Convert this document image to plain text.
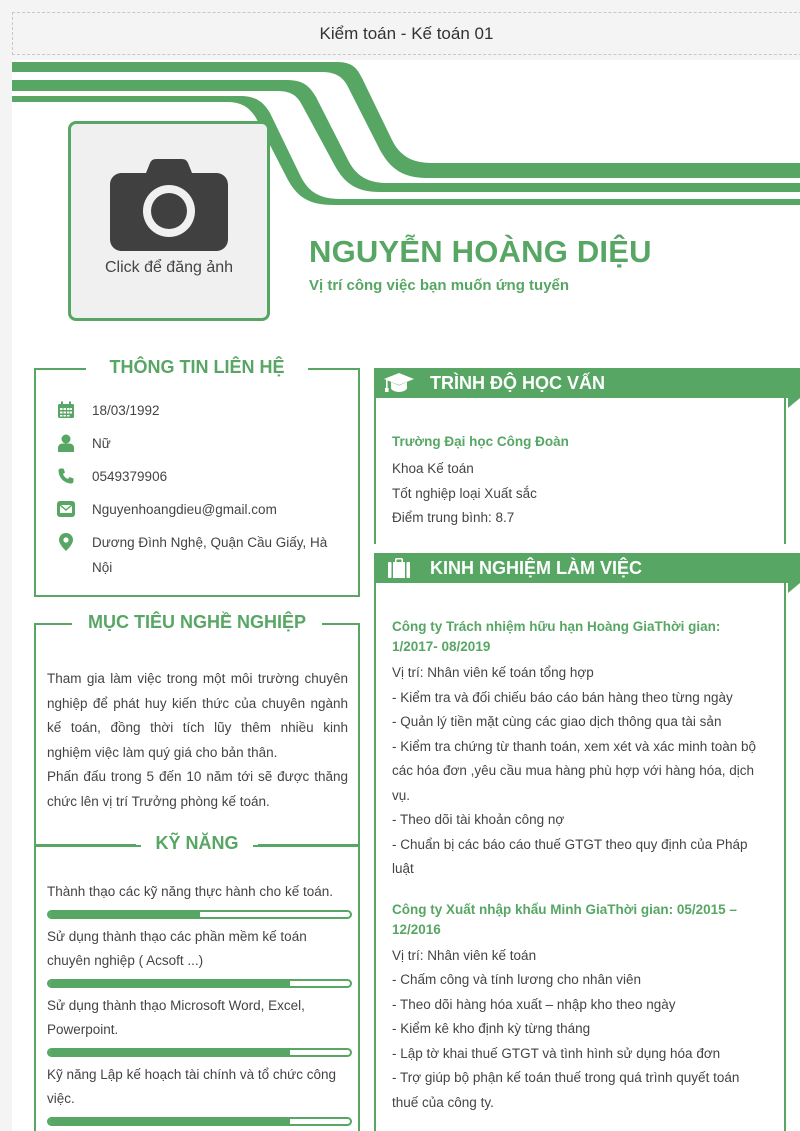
Kiểm toán - Kế toán 01
Click để đăng ảnh NGUYỄN HOÀNG DIỆU
Vị trí công việc bạn muốn ứng tuyển
THÔNG TIN LIÊN HỆ
18/03/1992
Nữ
0549379906
Nguyenhoangdieu@gmail.com
Dương Đình Nghệ, Quận Cầu Giấy, Hà Nội
MỤC TIÊU NGHỀ NGHIỆP

Tham gia làm việc trong một môi trường chuyên nghiệp để phát huy kiến thức của chuyên ngành kế toán, đồng thời tích lũy thêm nhiều kinh nghiệm việc làm quý giá cho bản thân.

Phấn đấu trong 5 đến 10 năm tới sẽ được thăng chức lên vị trí Trưởng phòng kế toán.

KỸ NĂNG
Thành thạo các kỹ năng thực hành cho kế toán.
Sử dụng thành thạo các phần mềm kế toán chuyên nghiệp ( Acsoft ...)
Sử dụng thành thạo Microsoft Word, Excel, Powerpoint.
Kỹ năng Lập kế hoạch tài chính và tổ chức công việc.
TRÌNH ĐỘ HỌC VẤN
Trường Đại học Công Đoàn
Khoa Kế toán
Tốt nghiệp loại Xuất sắc
Điểm trung bình: 8.7
KINH NGHIỆM LÀM VIỆC
Công ty Trách nhiệm hữu hạn Hoàng GiaThời gian: 1/2017- 08/2019
Vị trí: Nhân viên kế toán tổng hợp
- Kiểm tra và đối chiếu báo cáo bán hàng theo từng ngày
- Quản lý tiền mặt cùng các giao dịch thông qua tài sản
- Kiểm tra chứng từ thanh toán, xem xét và xác minh toàn bộ các hóa đơn ,yêu cầu mua hàng phù hợp với hàng hóa, dịch vụ.
- Theo dõi tài khoản công nợ
- Chuẩn bị các báo cáo thuế GTGT theo quy định của Pháp luật
Công ty Xuất nhập khẩu Minh GiaThời gian: 05/2015 – 12/2016
Vị trí: Nhân viên kế toán
- Chấm công và tính lương cho nhân viên
- Theo dõi hàng hóa xuất – nhập kho theo ngày
- Kiểm kê kho định kỳ từng tháng
- Lập tờ khai thuế GTGT và tình hình sử dụng hóa đơn
- Trợ giúp bộ phận kế toán thuế trong quá trình quyết toán thuế của công ty.
